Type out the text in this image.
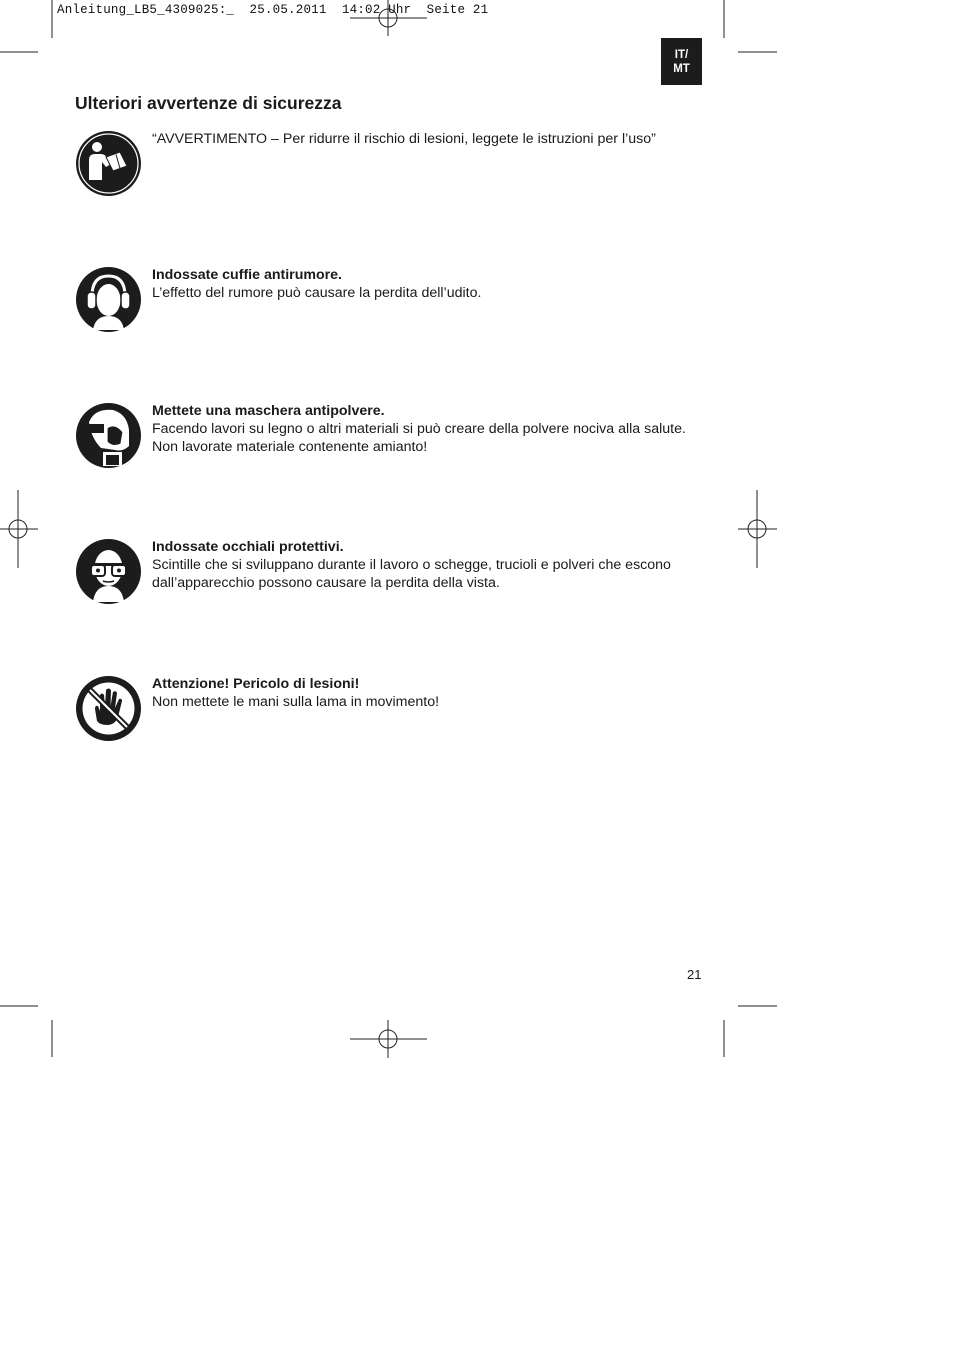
Anleitung_LB5_4309025:_  25.05.2011  14:02 Uhr  Seite 21
IT/
MT
Ulteriori avvertenze di sicurezza
“AVVERTIMENTO – Per ridurre il rischio di lesioni, leggete le istruzioni per l’uso”
Indossate cuffie antirumore.
L’effetto del rumore può causare la perdita dell’udito.
Mettete una maschera antipolvere.
Facendo lavori su legno o altri materiali si può creare della polvere nociva alla salute.
Non lavorate materiale contenente amianto!
Indossate occhiali protettivi.
Scintille che si sviluppano durante il lavoro o schegge, trucioli e polveri che escono
dall’apparecchio possono causare la perdita della vista.
Attenzione! Pericolo di lesioni!
Non mettete le mani sulla lama in movimento!
21
